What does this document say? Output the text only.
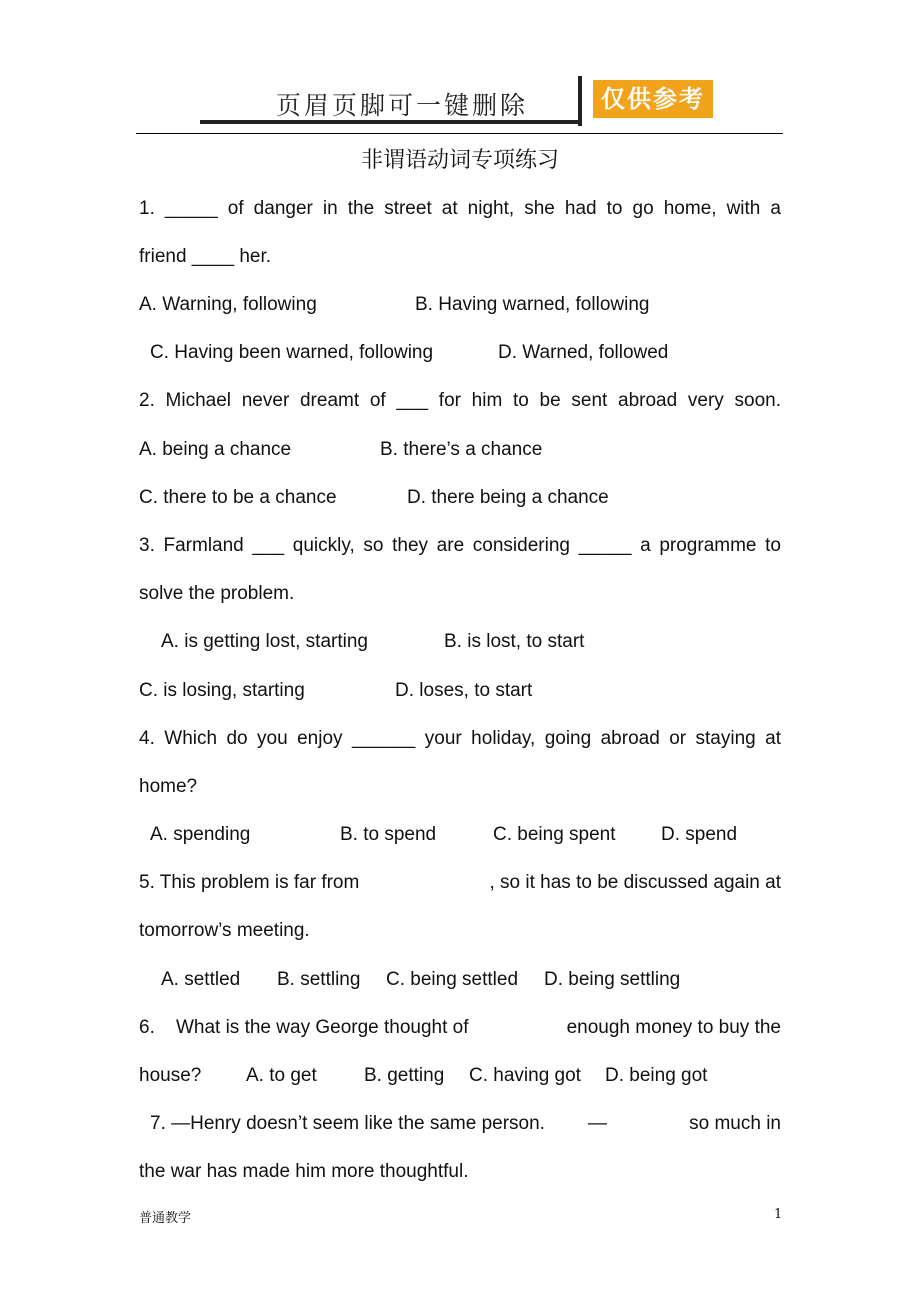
页眉页脚可一键删除	仅供参考
非谓语动词专项练习
1. _____ of danger in the street at night, she had to go home, with a
friend ____ her.
A. Warning, following	B. Having warned, following
C. Having been warned, following	D. Warned, followed
2. Michael never dreamt of ___ for him to be sent abroad very soon.
A. being a chance	B. there’s a chance
C. there to be a chance	D. there being a chance
3. Farmland ___ quickly, so they are considering _____ a programme to
solve the problem.
A. is getting lost, starting	B. is lost, to start
C. is losing, starting	D. loses, to start
4. Which do you enjoy ______ your holiday, going abroad or staying at
home?
A. spending	B. to spend	C. being spent D. spend
5. This problem is far from	, so it has to be discussed again at
tomorrow’s meeting.
A. settled B. settling C. being settled D. being settling
6.    What is the way George thought of	enough money to buy the
house? A. to get B. getting C. having got D. being got
7. —Henry doesn’t seem like the same person. —	so much in
the war has made him more thoughtful.
普通教学	1
